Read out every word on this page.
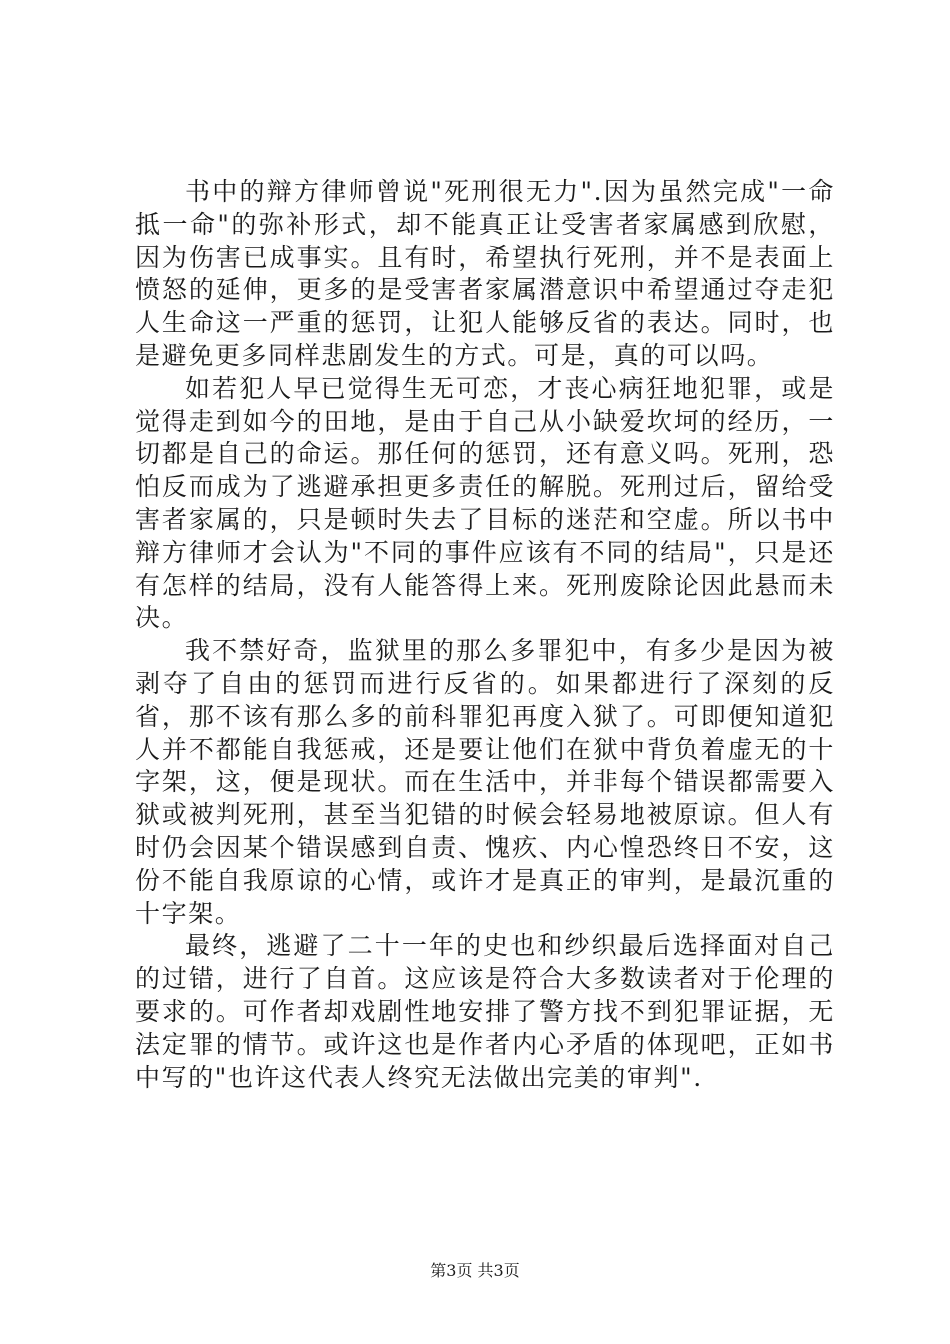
书中的辩方律师曾说"死刑很无力".因为虽然完成"一命抵一命"的弥补形式，却不能真正让受害者家属感到欣慰，因为伤害已成事实。且有时，希望执行死刑，并不是表面上愤怒的延伸，更多的是受害者家属潜意识中希望通过夺走犯人生命这一严重的惩罚，让犯人能够反省的表达。同时，也是避免更多同样悲剧发生的方式。可是，真的可以吗。

如若犯人早已觉得生无可恋，才丧心病狂地犯罪，或是觉得走到如今的田地，是由于自己从小缺爱坎坷的经历，一切都是自己的命运。那任何的惩罚，还有意义吗。死刑，恐怕反而成为了逃避承担更多责任的解脱。死刑过后，留给受害者家属的，只是顿时失去了目标的迷茫和空虚。所以书中辩方律师才会认为"不同的事件应该有不同的结局"，只是还有怎样的结局，没有人能答得上来。死刑废除论因此悬而未决。

我不禁好奇，监狱里的那么多罪犯中，有多少是因为被剥夺了自由的惩罚而进行反省的。如果都进行了深刻的反省，那不该有那么多的前科罪犯再度入狱了。可即便知道犯人并不都能自我惩戒，还是要让他们在狱中背负着虚无的十字架，这，便是现状。而在生活中，并非每个错误都需要入狱或被判死刑，甚至当犯错的时候会轻易地被原谅。但人有时仍会因某个错误感到自责、愧疚、内心惶恐终日不安，这份不能自我原谅的心情，或许才是真正的审判，是最沉重的十字架。

最终，逃避了二十一年的史也和纱织最后选择面对自己的过错，进行了自首。这应该是符合大多数读者对于伦理的要求的。可作者却戏剧性地安排了警方找不到犯罪证据，无法定罪的情节。或许这也是作者内心矛盾的体现吧，正如书中写的"也许这代表人终究无法做出完美的审判".

第3页 共3页
